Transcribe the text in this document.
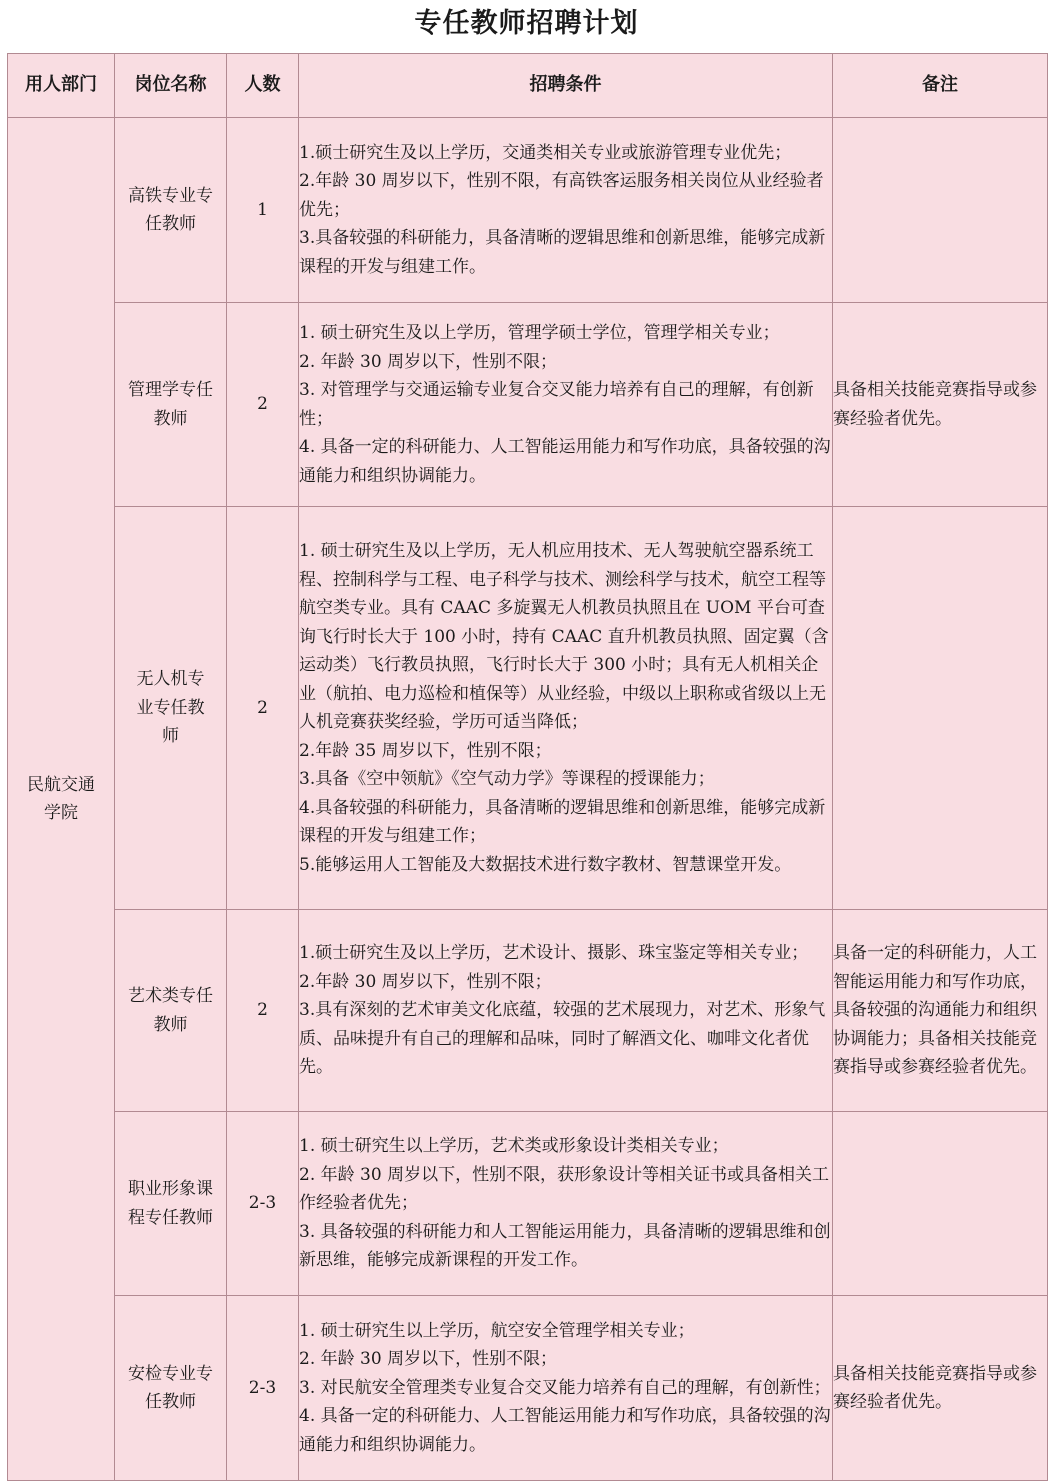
专任教师招聘计划
用人部门	岗位名称	人数	招聘条件	备注
民航交通学院	高铁专业专任教师	1	1.硕士研究生及以上学历，交通类相关专业或旅游管理专业优先；
2.年龄 30 周岁以下，性别不限，有高铁客运服务相关岗位从业经验者优先；
3.具备较强的科研能力，具备清晰的逻辑思维和创新思维，能够完成新课程的开发与组建工作。	

	管理学专任教师	2	1. 硕士研究生及以上学历，管理学硕士学位，管理学相关专业；
2. 年龄 30 周岁以下，性别不限；
3. 对管理学与交通运输专业复合交叉能力培养有自己的理解，有创新性；
4. 具备一定的科研能力、人工智能运用能力和写作功底，具备较强的沟通能力和组织协调能力。	具备相关技能竞赛指导或参赛经验者优先。
	无人机专业专任教师	2	1. 硕士研究生及以上学历，无人机应用技术、无人驾驶航空器系统工程、控制科学与工程、电子科学与技术、测绘科学与技术，航空工程等航空类专业。具有 CAAC 多旋翼无人机教员执照且在 UOM 平台可查询飞行时长大于 100 小时，持有 CAAC 直升机教员执照、固定翼（含运动类）飞行教员执照，飞行时长大于 300 小时；具有无人机相关企业（航拍、电力巡检和植保等）从业经验，中级以上职称或省级以上无人机竞赛获奖经验，学历可适当降低；
2.年龄 35 周岁以下，性别不限；
3.具备《空中领航》《空气动力学》等课程的授课能力；
4.具备较强的科研能力，具备清晰的逻辑思维和创新思维，能够完成新课程的开发与组建工作；
5.能够运用人工智能及大数据技术进行数字教材、智慧课堂开发。	

	艺术类专任教师	2	1.硕士研究生及以上学历，艺术设计、摄影、珠宝鉴定等相关专业；
2.年龄 30 周岁以下，性别不限；
3.具有深刻的艺术审美文化底蕴，较强的艺术展现力，对艺术、形象气质、品味提升有自己的理解和品味，同时了解酒文化、咖啡文化者优先。	具备一定的科研能力，人工智能运用能力和写作功底，具备较强的沟通能力和组织协调能力；具备相关技能竞赛指导或参赛经验者优先。
	职业形象课程专任教师	2-3	1. 硕士研究生以上学历，艺术类或形象设计类相关专业；
2. 年龄 30 周岁以下，性别不限，获形象设计等相关证书或具备相关工作经验者优先；
3. 具备较强的科研能力和人工智能运用能力，具备清晰的逻辑思维和创新思维，能够完成新课程的开发工作。	

	安检专业专任教师	2-3	1. 硕士研究生以上学历，航空安全管理学相关专业；
2. 年龄 30 周岁以下，性别不限；
3. 对民航安全管理类专业复合交叉能力培养有自己的理解，有创新性；
4. 具备一定的科研能力、人工智能运用能力和写作功底，具备较强的沟通能力和组织协调能力。	具备相关技能竞赛指导或参赛经验者优先。
